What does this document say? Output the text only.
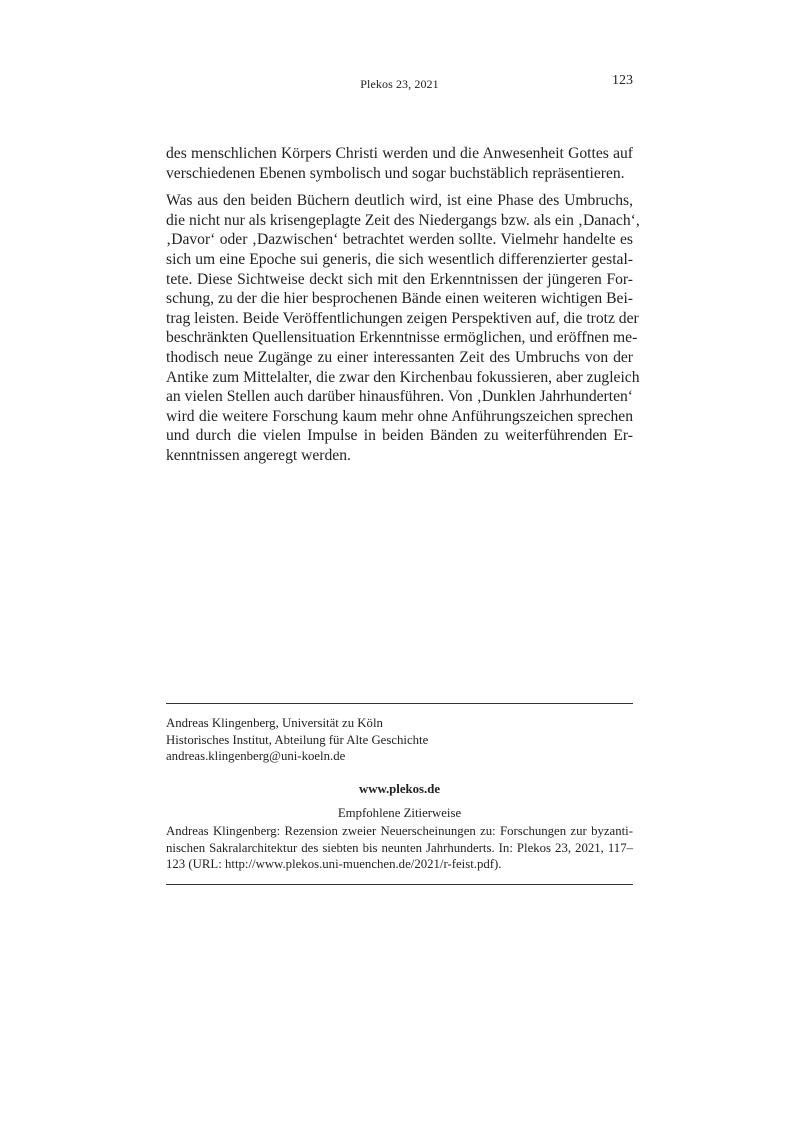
Plekos 23, 2021	123

des menschlichen Körpers Christi werden und die Anwesenheit Gottes auf
verschiedenen Ebenen symbolisch und sogar buchstäblich repräsentieren.

Was aus den beiden Büchern deutlich wird, ist eine Phase des Umbruchs,
die nicht nur als krisengeplagte Zeit des Niedergangs bzw. als ein ‚Danach‘,
‚Davor‘ oder ‚Dazwischen‘ betrachtet werden sollte. Vielmehr handelte es
sich um eine Epoche sui generis, die sich wesentlich differenzierter gestal-
tete. Diese Sichtweise deckt sich mit den Erkenntnissen der jüngeren For-
schung, zu der die hier besprochenen Bände einen weiteren wichtigen Bei-
trag leisten. Beide Veröffentlichungen zeigen Perspektiven auf, die trotz der
beschränkten Quellensituation Erkenntnisse ermöglichen, und eröffnen me-
thodisch neue Zugänge zu einer interessanten Zeit des Umbruchs von der
Antike zum Mittelalter, die zwar den Kirchenbau fokussieren, aber zugleich
an vielen Stellen auch darüber hinausführen. Von ‚Dunklen Jahrhunderten‘
wird die weitere Forschung kaum mehr ohne Anführungszeichen sprechen
und durch die vielen Impulse in beiden Bänden zu weiterführenden Er-
kenntnissen angeregt werden.

Andreas Klingenberg, Universität zu Köln
Historisches Institut, Abteilung für Alte Geschichte
andreas.klingenberg@uni-koeln.de
www.plekos.de
Empfohlene Zitierweise
Andreas Klingenberg: Rezension zweier Neuerscheinungen zu: Forschungen zur byzanti-
nischen Sakralarchitektur des siebten bis neunten Jahrhunderts. In: Plekos 23, 2021, 117–
123 (URL: http://www.plekos.uni-muenchen.de/2021/r-feist.pdf).
